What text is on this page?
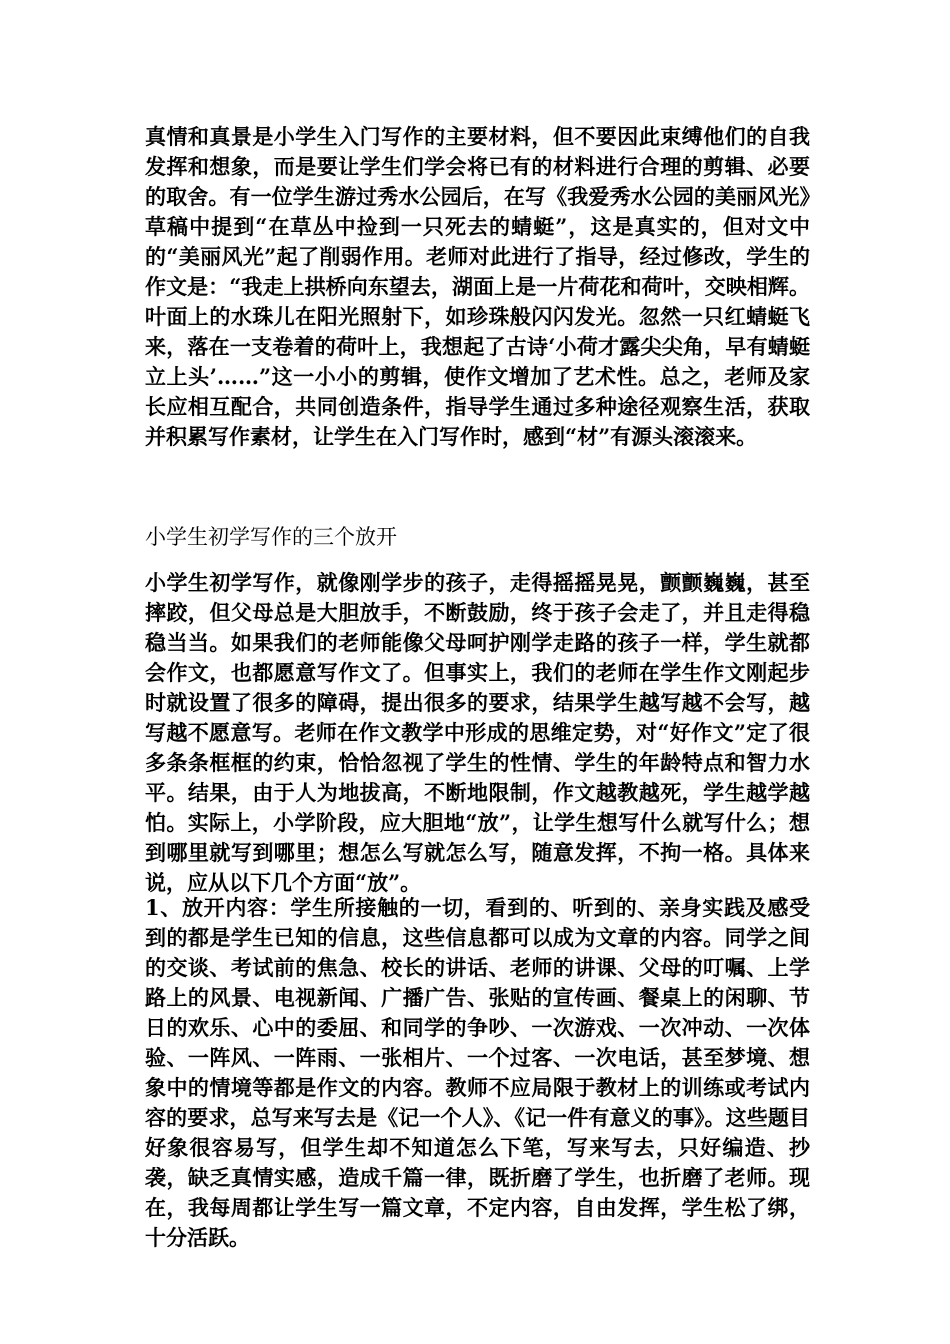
真情和真景是小学生入门写作的主要材料，但不要因此束缚他们的自我发挥和想象，而是要让学生们学会将已有的材料进行合理的剪辑、必要的取舍。有一位学生游过秀水公园后，在写《我爱秀水公园的美丽风光》草稿中提到“在草丛中捡到一只死去的蜻蜓”，这是真实的，但对文中的“美丽风光”起了削弱作用。老师对此进行了指导，经过修改，学生的作文是：“我走上拱桥向东望去，湖面上是一片荷花和荷叶，交映相辉。叶面上的水珠儿在阳光照射下，如珍珠般闪闪发光。忽然一只红蜻蜓飞来，落在一支卷着的荷叶上，我想起了古诗‘小荷才露尖尖角，早有蜻蜓立上头’……”这一小小的剪辑，使作文增加了艺术性。总之，老师及家长应相互配合，共同创造条件，指导学生通过多种途径观察生活，获取并积累写作素材，让学生在入门写作时，感到“材”有源头滚滚来。

小学生初学写作的三个放开

小学生初学写作，就像刚学步的孩子，走得摇摇晃晃，颤颤巍巍，甚至摔跤，但父母总是大胆放手，不断鼓励，终于孩子会走了，并且走得稳稳当当。如果我们的老师能像父母呵护刚学走路的孩子一样，学生就都会作文，也都愿意写作文了。但事实上，我们的老师在学生作文刚起步时就设置了很多的障碍，提出很多的要求，结果学生越写越不会写，越写越不愿意写。老师在作文教学中形成的思维定势，对“好作文”定了很多条条框框的约束，恰恰忽视了学生的性情、学生的年龄特点和智力水平。结果，由于人为地拔高，不断地限制，作文越教越死，学生越学越怕。实际上，小学阶段，应大胆地“放”，让学生想写什么就写什么；想到哪里就写到哪里；想怎么写就怎么写，随意发挥，不拘一格。具体来说，应从以下几个方面“放”。

1、放开内容：学生所接触的一切，看到的、听到的、亲身实践及感受到的都是学生已知的信息，这些信息都可以成为文章的内容。同学之间的交谈、考试前的焦急、校长的讲话、老师的讲课、父母的叮嘱、上学路上的风景、电视新闻、广播广告、张贴的宣传画、餐桌上的闲聊、节日的欢乐、心中的委屈、和同学的争吵、一次游戏、一次冲动、一次体验、一阵风、一阵雨、一张相片、一个过客、一次电话，甚至梦境、想象中的情境等都是作文的内容。教师不应局限于教材上的训练或考试内容的要求，总写来写去是《记一个人》、《记一件有意义的事》。这些题目好象很容易写，但学生却不知道怎么下笔，写来写去，只好编造、抄袭，缺乏真情实感，造成千篇一律，既折磨了学生，也折磨了老师。现在，我每周都让学生写一篇文章，不定内容，自由发挥，学生松了绑，十分活跃。
